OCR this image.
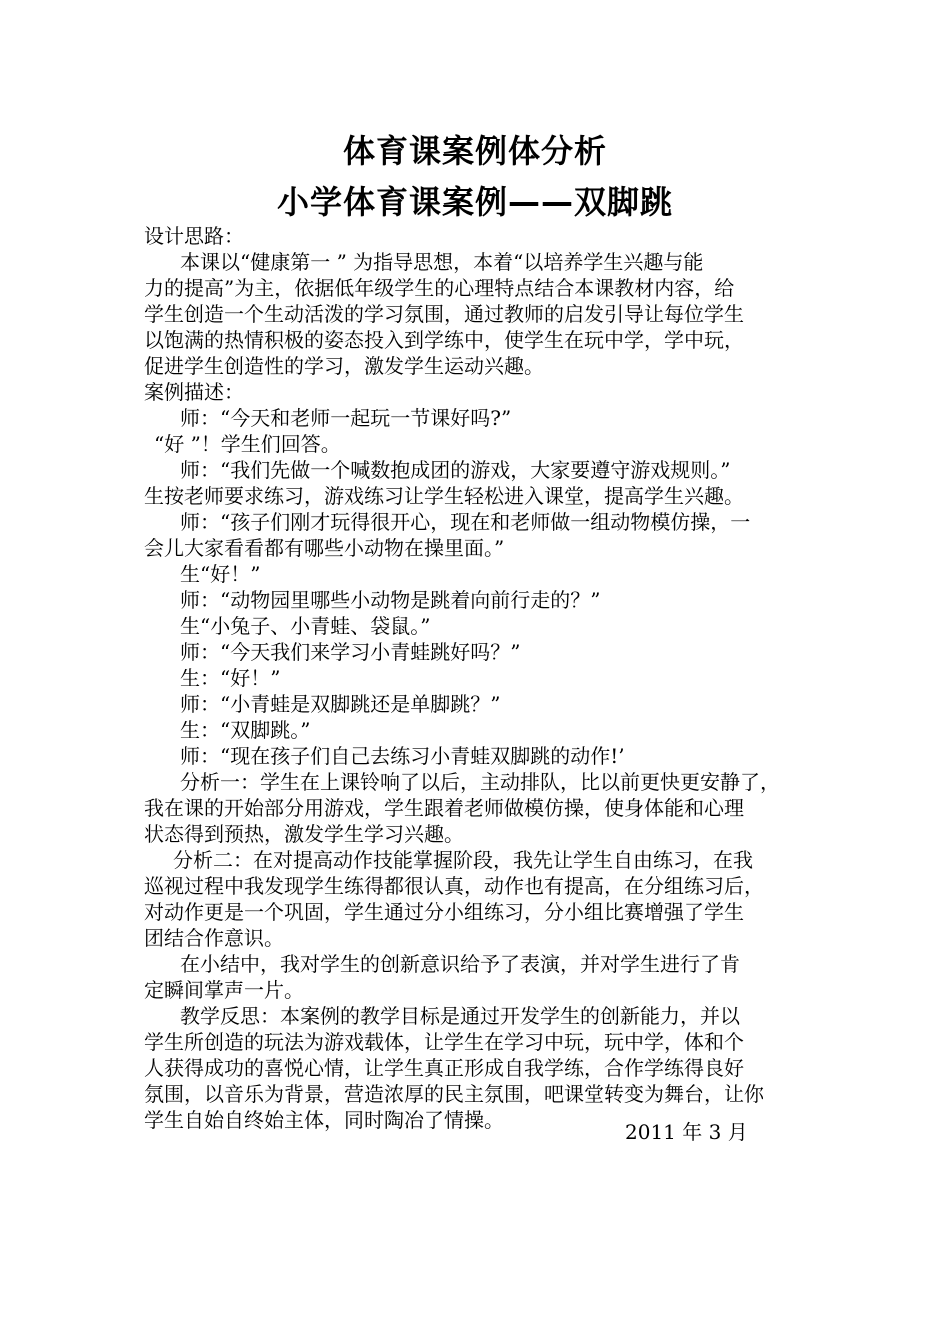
体育课案例体分析
小学体育课案例——双脚跳
设计思路：
本课以“健康第一 ” 为指导思想，本着“以培养学生兴趣与能
力的提高”为主，依据低年级学生的心理特点结合本课教材内容，给
学生创造一个生动活泼的学习氛围，通过教师的启发引导让每位学生
以饱满的热情积极的姿态投入到学练中，使学生在玩中学，学中玩，
促进学生创造性的学习，激发学生运动兴趣。
案例描述：
师：“今天和老师一起玩一节课好吗?”
“好 ”！学生们回答。
师：“我们先做一个喊数抱成团的游戏，大家要遵守游戏规则。”
生按老师要求练习，游戏练习让学生轻松进入课堂，提高学生兴趣。
师：“孩子们刚才玩得很开心，现在和老师做一组动物模仿操，一
会儿大家看看都有哪些小动物在操里面。”
生“好！”
师：“动物园里哪些小动物是跳着向前行走的？”
生“小兔子、小青蛙、袋鼠。”
师：“今天我们来学习小青蛙跳好吗？”
生：“好！”
师：“小青蛙是双脚跳还是单脚跳？”
生：“双脚跳。”
师：“现在孩子们自己去练习小青蛙双脚跳的动作!’
分析一：学生在上课铃响了以后，主动排队，比以前更快更安静了，
我在课的开始部分用游戏，学生跟着老师做模仿操，使身体能和心理
状态得到预热，激发学生学习兴趣。
分析二：在对提高动作技能掌握阶段，我先让学生自由练习，在我
巡视过程中我发现学生练得都很认真，动作也有提高，在分组练习后，
对动作更是一个巩固，学生通过分小组练习，分小组比赛增强了学生
团结合作意识。
在小结中，我对学生的创新意识给予了表演，并对学生进行了肯
定瞬间掌声一片。
教学反思：本案例的教学目标是通过开发学生的创新能力，并以
学生所创造的玩法为游戏载体，让学生在学习中玩，玩中学，体和个
人获得成功的喜悦心情，让学生真正形成自我学练，合作学练得良好
氛围，以音乐为背景，营造浓厚的民主氛围，吧课堂转变为舞台，让你
学生自始自终始主体，同时陶冶了情操。	2011 年 3 月
